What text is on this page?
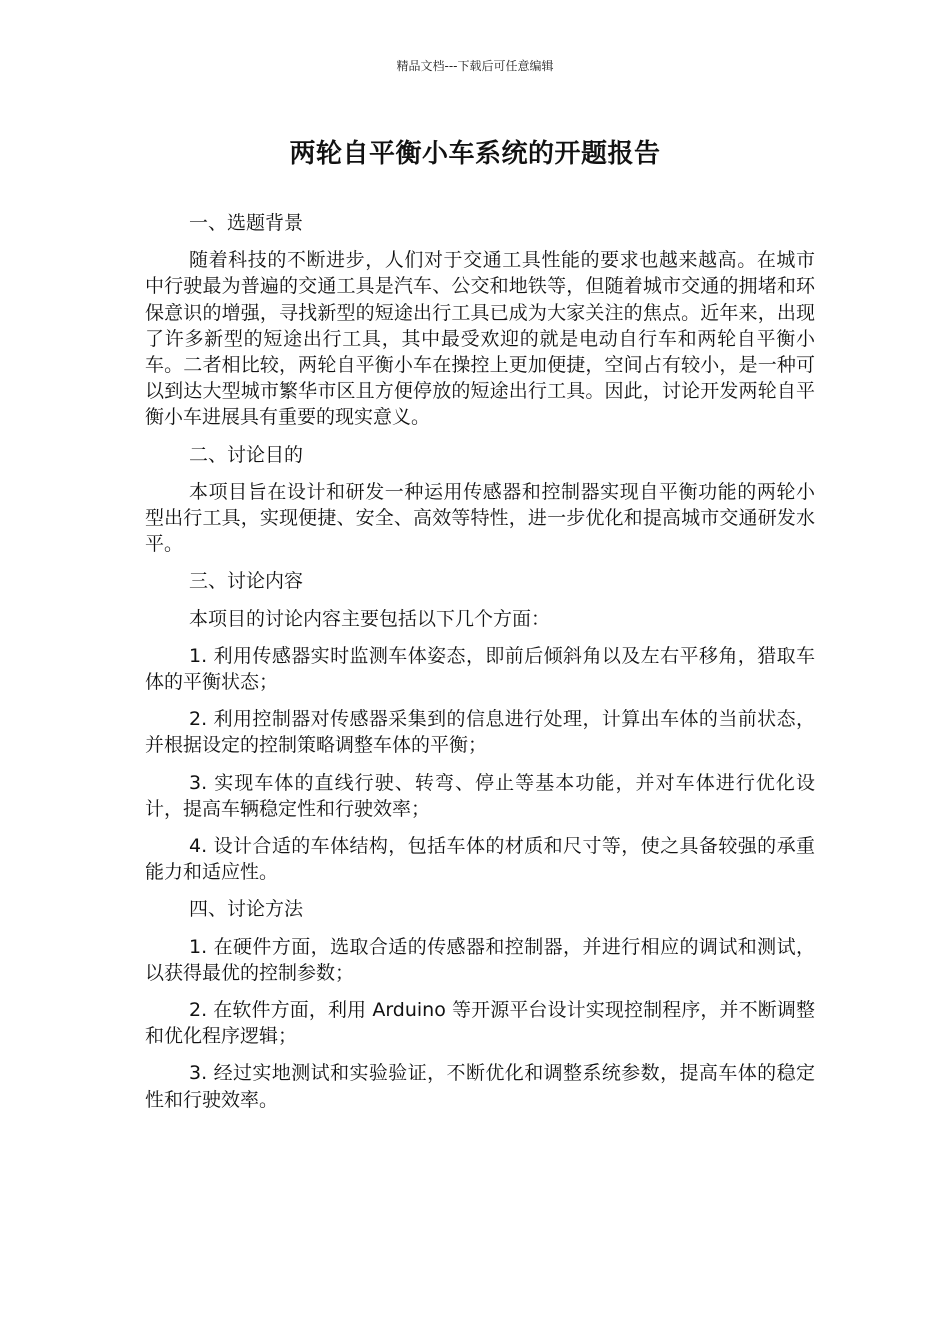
精品文档---下载后可任意编辑
两轮自平衡小车系统的开题报告

一、选题背景

随着科技的不断进步，人们对于交通工具性能的要求也越来越高。在城市中行驶最为普遍的交通工具是汽车、公交和地铁等，但随着城市交通的拥堵和环保意识的增强，寻找新型的短途出行工具已成为大家关注的焦点。近年来，出现了许多新型的短途出行工具，其中最受欢迎的就是电动自行车和两轮自平衡小车。二者相比较，两轮自平衡小车在操控上更加便捷，空间占有较小，是一种可以到达大型城市繁华市区且方便停放的短途出行工具。因此，讨论开发两轮自平衡小车进展具有重要的现实意义。

二、讨论目的

本项目旨在设计和研发一种运用传感器和控制器实现自平衡功能的两轮小型出行工具，实现便捷、安全、高效等特性，进一步优化和提高城市交通研发水平。

三、讨论内容

本项目的讨论内容主要包括以下几个方面：

1. 利用传感器实时监测车体姿态，即前后倾斜角以及左右平移角，猎取车体的平衡状态；

2. 利用控制器对传感器采集到的信息进行处理，计算出车体的当前状态，并根据设定的控制策略调整车体的平衡；

3. 实现车体的直线行驶、转弯、停止等基本功能，并对车体进行优化设计，提高车辆稳定性和行驶效率；

4. 设计合适的车体结构，包括车体的材质和尺寸等，使之具备较强的承重能力和适应性。

四、讨论方法

1. 在硬件方面，选取合适的传感器和控制器，并进行相应的调试和测试，以获得最优的控制参数；

2. 在软件方面，利用 Arduino 等开源平台设计实现控制程序，并不断调整和优化程序逻辑；

3. 经过实地测试和实验验证，不断优化和调整系统参数，提高车体的稳定性和行驶效率。
